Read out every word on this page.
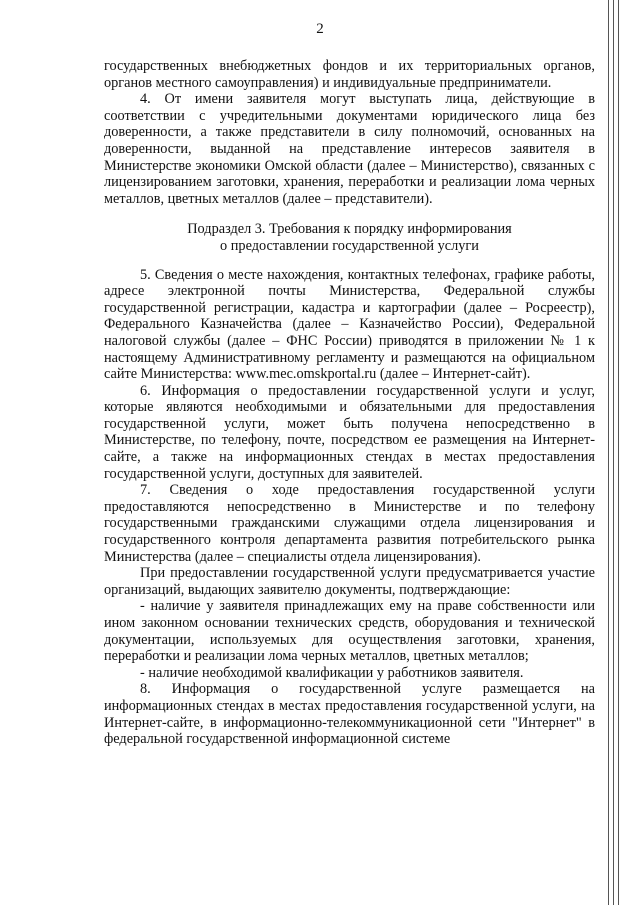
2

государственных внебюджетных фондов и их территориальных органов, органов местного самоуправления) и индивидуальные предприниматели.

4. От имени заявителя могут выступать лица, действующие в соответствии с учредительными документами юридического лица без доверенности, а также представители в силу полномочий, основанных на доверенности, выданной на представление интересов заявителя в Министерстве экономики Омской области (далее – Министерство), связанных с лицензированием заготовки, хранения, переработки и реализации лома черных металлов, цветных металлов (далее – представители).

Подраздел 3. Требования к порядку информирования
о предоставлении государственной услуги

5. Сведения о месте нахождения, контактных телефонах, графике работы, адресе электронной почты Министерства, Федеральной службы государственной регистрации, кадастра и картографии (далее – Росреестр), Федерального Казначейства (далее – Казначейство России), Федеральной налоговой службы (далее – ФНС России) приводятся в приложении № 1 к настоящему Административному регламенту и размещаются на официальном сайте Министерства: www.mec.omskportal.ru (далее – Интернет-сайт).

6. Информация о предоставлении государственной услуги и услуг, которые являются необходимыми и обязательными для предоставления государственной услуги, может быть получена непосредственно в Министерстве, по телефону, почте, посредством ее размещения на Интернет-сайте, а также на информационных стендах в местах предоставления государственной услуги, доступных для заявителей.

7. Сведения о ходе предоставления государственной услуги предоставляются непосредственно в Министерстве и по телефону государственными гражданскими служащими отдела лицензирования и государственного контроля департамента развития потребительского рынка Министерства (далее – специалисты отдела лицензирования).

При предоставлении государственной услуги предусматривается участие организаций, выдающих заявителю документы, подтверждающие:

- наличие у заявителя принадлежащих ему на праве собственности или ином законном основании технических средств, оборудования и технической документации, используемых для осуществления заготовки, хранения, переработки и реализации лома черных металлов, цветных металлов;

- наличие необходимой квалификации у работников заявителя.

8. Информация о государственной услуге размещается на информационных стендах в местах предоставления государственной услуги, на Интернет-сайте, в информационно-телекоммуникационной сети "Интернет" в федеральной государственной информационной системе
